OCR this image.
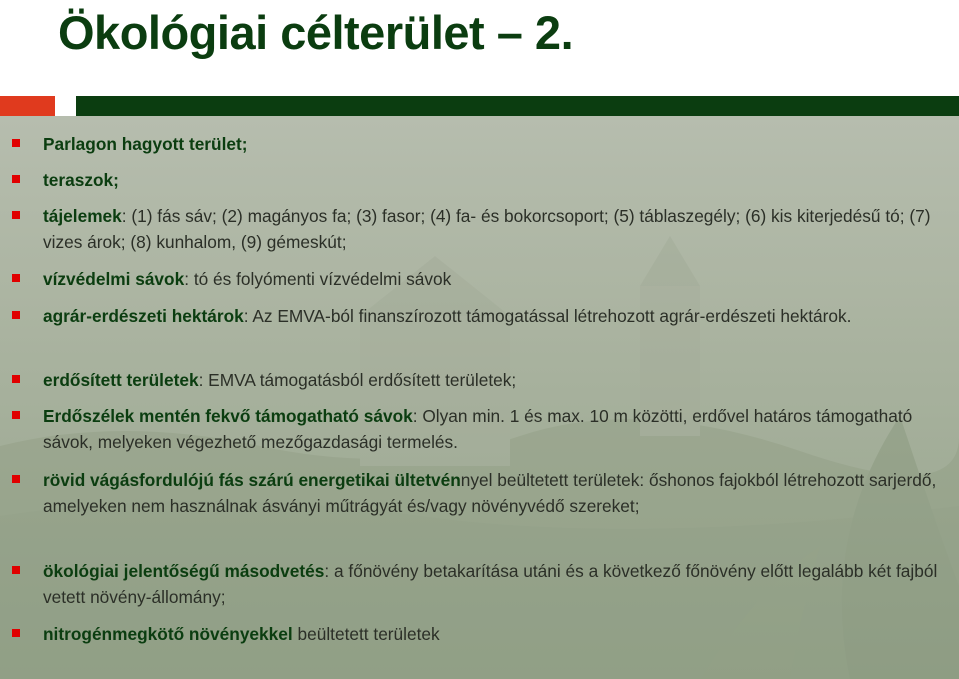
Ökológiai célterület – 2.
Parlagon hagyott terület;
teraszok;
tájelemek: (1) fás sáv; (2) magányos fa; (3) fasor; (4) fa- és bokorcsoport; (5) táblaszegély; (6) kis kiterjedésű tó; (7) vizes árok; (8) kunhalom, (9) gémeskút;
vízvédelmi sávok: tó és folyómenti vízvédelmi sávok
agrár-erdészeti hektárok: Az EMVA-ból finanszírozott támogatással létrehozott agrár-erdészeti hektárok.
erdősített területek: EMVA támogatásból erdősített területek;
Erdőszélek mentén fekvő támogatható sávok: Olyan min. 1 és max. 10 m közötti, erdővel határos támogatható sávok, melyeken végezhető mezőgazdasági termelés.
rövid vágásfordulójú fás szárú energetikai ültetvénnyel beültetett területek: őshonos fajokból létrehozott sarjerdő, amelyeken nem használnak ásványi műtrágyát és/vagy növényvédő szereket;
ökológiai jelentőségű másodvetés: a főnövény betakarítása utáni és a következő főnövény előtt legalább két fajból vetett növény-állomány;
nitrogénmegkötő növényekkel beültetett területek
